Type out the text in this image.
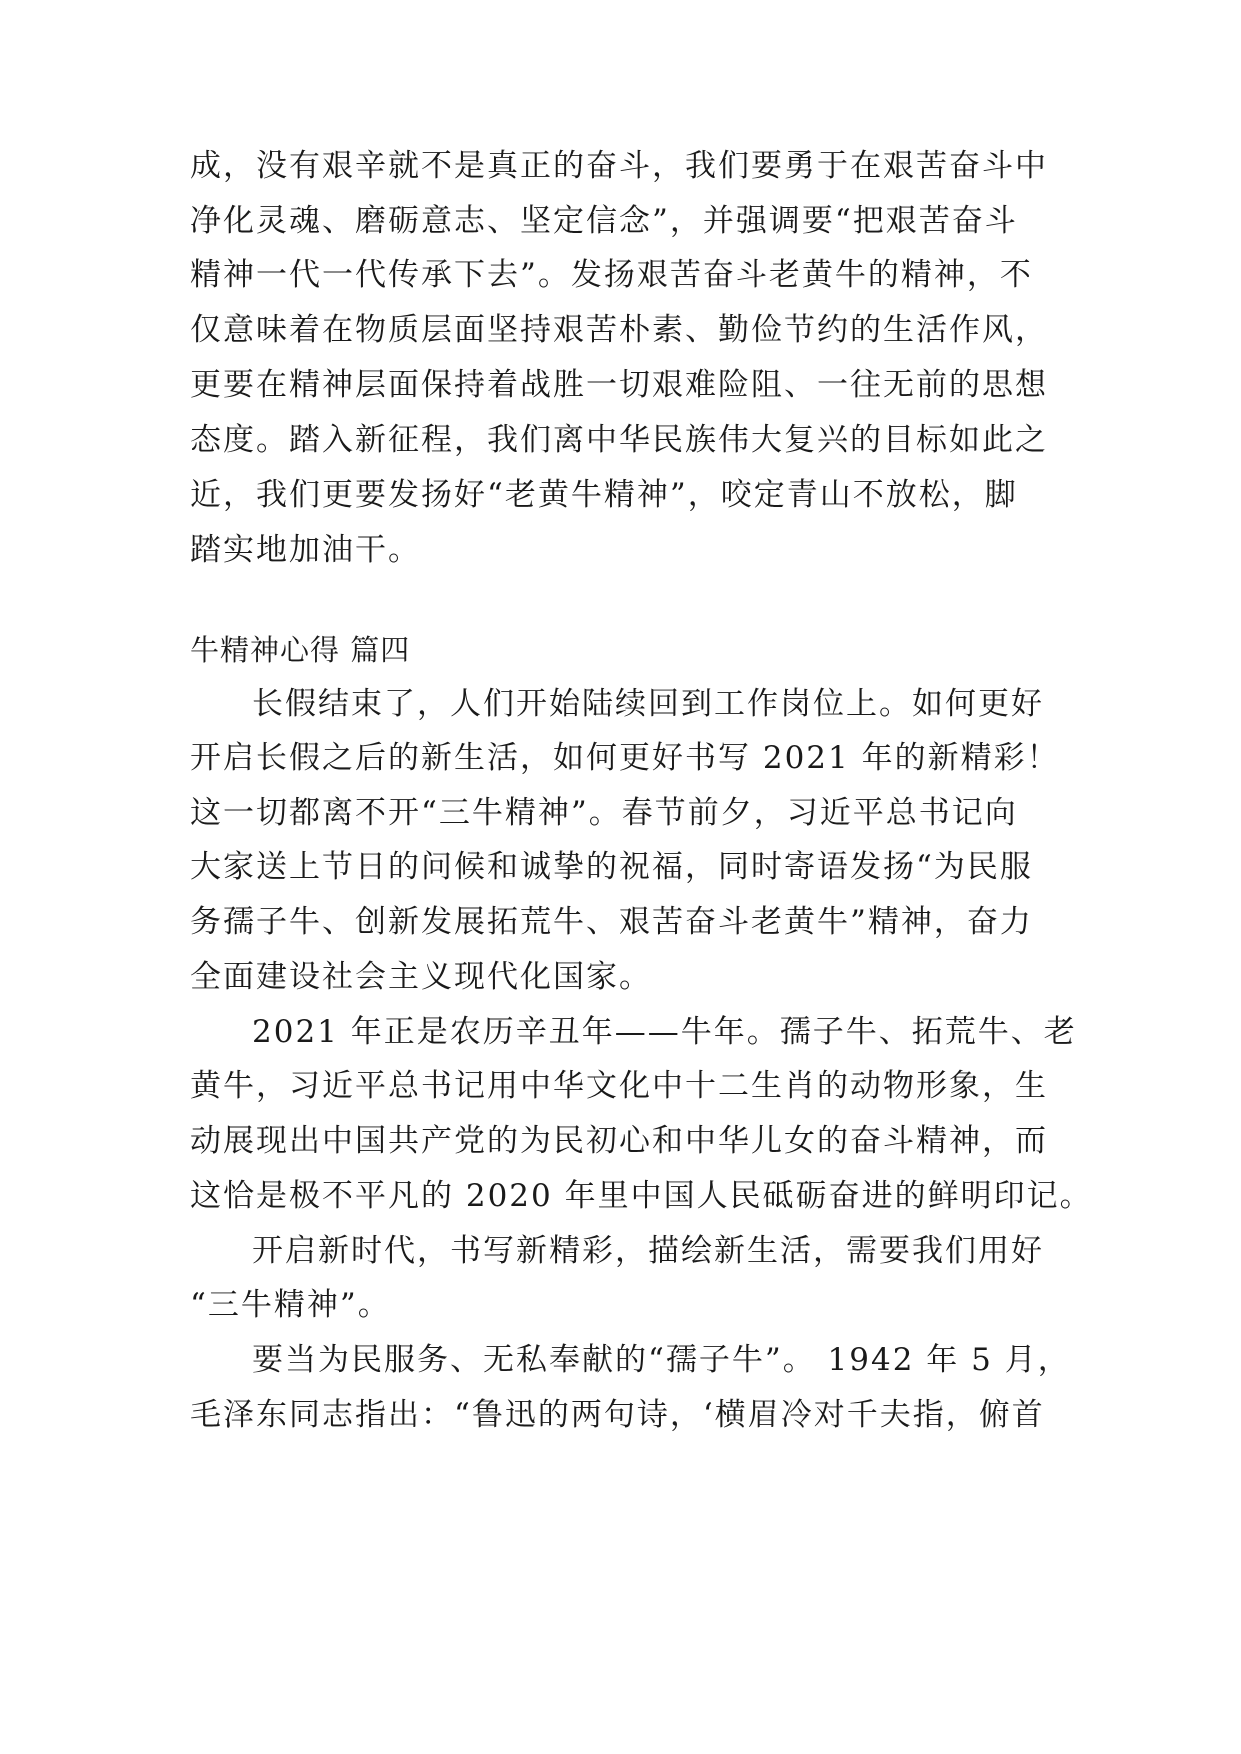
成，没有艰辛就不是真正的奋斗，我们要勇于在艰苦奋斗中
净化灵魂、磨砺意志、坚定信念”，并强调要“把艰苦奋斗
精神一代一代传承下去”。发扬艰苦奋斗老黄牛的精神，不
仅意味着在物质层面坚持艰苦朴素、勤俭节约的生活作风，
更要在精神层面保持着战胜一切艰难险阻、一往无前的思想
态度。踏入新征程，我们离中华民族伟大复兴的目标如此之
近，我们更要发扬好“老黄牛精神”，咬定青山不放松，脚
踏实地加油干。
牛精神心得 篇四
长假结束了，人们开始陆续回到工作岗位上。如何更好
开启长假之后的新生活，如何更好书写 2021 年的新精彩！
这一切都离不开“三牛精神”。春节前夕，习近平总书记向
大家送上节日的问候和诚挚的祝福，同时寄语发扬“为民服
务孺子牛、创新发展拓荒牛、艰苦奋斗老黄牛”精神，奋力
全面建设社会主义现代化国家。
2021 年正是农历辛丑年——牛年。孺子牛、拓荒牛、老
黄牛，习近平总书记用中华文化中十二生肖的动物形象，生
动展现出中国共产党的为民初心和中华儿女的奋斗精神，而
这恰是极不平凡的 2020 年里中国人民砥砺奋进的鲜明印记。
开启新时代，书写新精彩，描绘新生活，需要我们用好
“三牛精神”。
要当为民服务、无私奉献的“孺子牛”。 1942 年 5 月，
毛泽东同志指出：“鲁迅的两句诗，‘横眉冷对千夫指，俯首
